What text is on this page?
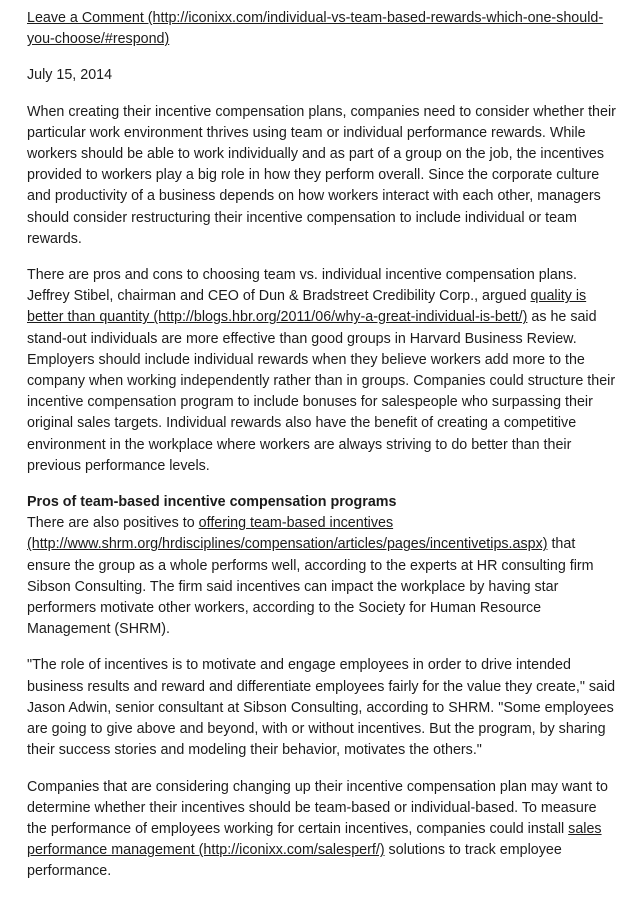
Leave a Comment (http://iconixx.com/individual-vs-team-based-rewards-which-one-should-you-choose/#respond)

July 15, 2014

When creating their incentive compensation plans, companies need to consider whether their particular work environment thrives using team or individual performance rewards. While workers should be able to work individually and as part of a group on the job, the incentives provided to workers play a big role in how they perform overall. Since the corporate culture and productivity of a business depends on how workers interact with each other, managers should consider restructuring their incentive compensation to include individual or team rewards.

There are pros and cons to choosing team vs. individual incentive compensation plans. Jeffrey Stibel, chairman and CEO of Dun & Bradstreet Credibility Corp., argued quality is better than quantity (http://blogs.hbr.org/2011/06/why-a-great-individual-is-bett/) as he said stand-out individuals are more effective than good groups in Harvard Business Review. Employers should include individual rewards when they believe workers add more to the company when working independently rather than in groups. Companies could structure their incentive compensation program to include bonuses for salespeople who surpassing their original sales targets. Individual rewards also have the benefit of creating a competitive environment in the workplace where workers are always striving to do better than their previous performance levels.

Pros of team-based incentive compensation programs
There are also positives to offering team-based incentives (http://www.shrm.org/hrdisciplines/compensation/articles/pages/incentivetips.aspx) that ensure the group as a whole performs well, according to the experts at HR consulting firm Sibson Consulting. The firm said incentives can impact the workplace by having star performers motivate other workers, according to the Society for Human Resource Management (SHRM).

"The role of incentives is to motivate and engage employees in order to drive intended business results and reward and differentiate employees fairly for the value they create," said Jason Adwin, senior consultant at Sibson Consulting, according to SHRM. "Some employees are going to give above and beyond, with or without incentives. But the program, by sharing their success stories and modeling their behavior, motivates the others."

Companies that are considering changing up their incentive compensation plan may want to determine whether their incentives should be team-based or individual-based. To measure the performance of employees working for certain incentives, companies could install sales performance management (http://iconixx.com/salesperf/) solutions to track employee performance.
